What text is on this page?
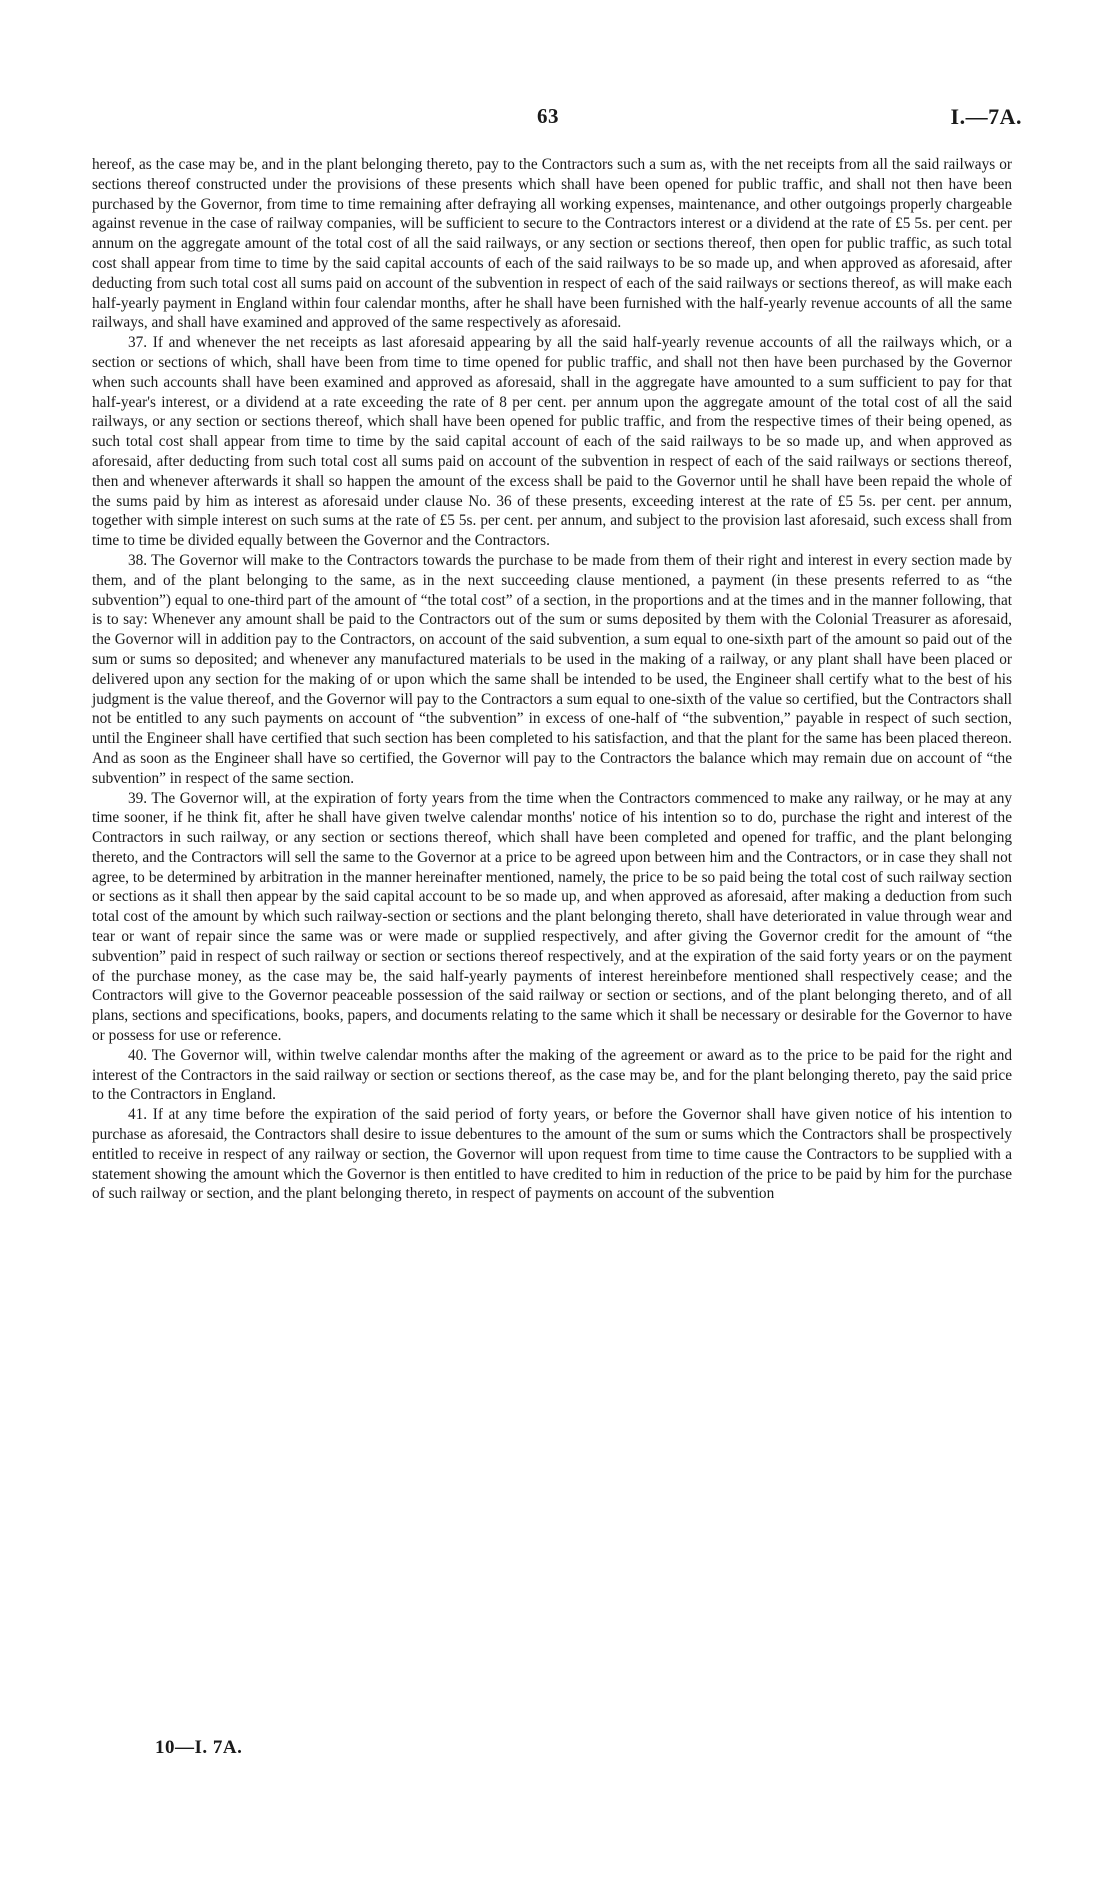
63	I.—7A.

hereof, as the case may be, and in the plant belonging thereto, pay to the Contractors such a sum as, with the net receipts from all the said railways or sections thereof constructed under the provisions of these presents which shall have been opened for public traffic, and shall not then have been purchased by the Governor, from time to time remaining after defraying all working expenses, maintenance, and other outgoings properly chargeable against revenue in the case of railway companies, will be sufficient to secure to the Contractors interest or a dividend at the rate of £5 5s. per cent. per annum on the aggregate amount of the total cost of all the said railways, or any section or sections thereof, then open for public traffic, as such total cost shall appear from time to time by the said capital accounts of each of the said railways to be so made up, and when approved as aforesaid, after deducting from such total cost all sums paid on account of the subvention in respect of each of the said railways or sections thereof, as will make each half-yearly payment in England within four calendar months, after he shall have been furnished with the half-yearly revenue accounts of all the same railways, and shall have examined and approved of the same respectively as aforesaid.

37. If and whenever the net receipts as last aforesaid appearing by all the said half-yearly revenue accounts of all the railways which, or a section or sections of which, shall have been from time to time opened for public traffic, and shall not then have been purchased by the Governor when such accounts shall have been examined and approved as aforesaid, shall in the aggregate have amounted to a sum sufficient to pay for that half-year's interest, or a dividend at a rate exceeding the rate of 8 per cent. per annum upon the aggregate amount of the total cost of all the said railways, or any section or sections thereof, which shall have been opened for public traffic, and from the respective times of their being opened, as such total cost shall appear from time to time by the said capital account of each of the said railways to be so made up, and when approved as aforesaid, after deducting from such total cost all sums paid on account of the subvention in respect of each of the said railways or sections thereof, then and whenever afterwards it shall so happen the amount of the excess shall be paid to the Governor until he shall have been repaid the whole of the sums paid by him as interest as aforesaid under clause No. 36 of these presents, exceeding interest at the rate of £5 5s. per cent. per annum, together with simple interest on such sums at the rate of £5 5s. per cent. per annum, and subject to the provision last aforesaid, such excess shall from time to time be divided equally between the Governor and the Contractors.

38. The Governor will make to the Contractors towards the purchase to be made from them of their right and interest in every section made by them, and of the plant belonging to the same, as in the next succeeding clause mentioned, a payment (in these presents referred to as “the subvention”) equal to one-third part of the amount of “the total cost” of a section, in the proportions and at the times and in the manner following, that is to say: Whenever any amount shall be paid to the Contractors out of the sum or sums deposited by them with the Colonial Treasurer as aforesaid, the Governor will in addition pay to the Contractors, on account of the said subvention, a sum equal to one-sixth part of the amount so paid out of the sum or sums so deposited; and whenever any manufactured materials to be used in the making of a railway, or any plant shall have been placed or delivered upon any section for the making of or upon which the same shall be intended to be used, the Engineer shall certify what to the best of his judgment is the value thereof, and the Governor will pay to the Contractors a sum equal to one-sixth of the value so certified, but the Contractors shall not be entitled to any such payments on account of “the subvention” in excess of one-half of “the subvention,” payable in respect of such section, until the Engineer shall have certified that such section has been completed to his satisfaction, and that the plant for the same has been placed thereon. And as soon as the Engineer shall have so certified, the Governor will pay to the Contractors the balance which may remain due on account of “the subvention” in respect of the same section.

39. The Governor will, at the expiration of forty years from the time when the Contractors commenced to make any railway, or he may at any time sooner, if he think fit, after he shall have given twelve calendar months' notice of his intention so to do, purchase the right and interest of the Contractors in such railway, or any section or sections thereof, which shall have been completed and opened for traffic, and the plant belonging thereto, and the Contractors will sell the same to the Governor at a price to be agreed upon between him and the Contractors, or in case they shall not agree, to be determined by arbitration in the manner hereinafter mentioned, namely, the price to be so paid being the total cost of such railway section or sections as it shall then appear by the said capital account to be so made up, and when approved as aforesaid, after making a deduction from such total cost of the amount by which such railway-section or sections and the plant belonging thereto, shall have deteriorated in value through wear and tear or want of repair since the same was or were made or supplied respectively, and after giving the Governor credit for the amount of “the subvention” paid in respect of such railway or section or sections thereof respectively, and at the expiration of the said forty years or on the payment of the purchase money, as the case may be, the said half-yearly payments of interest hereinbefore mentioned shall respectively cease; and the Contractors will give to the Governor peaceable possession of the said railway or section or sections, and of the plant belonging thereto, and of all plans, sections and specifications, books, papers, and documents relating to the same which it shall be necessary or desirable for the Governor to have or possess for use or reference.

40. The Governor will, within twelve calendar months after the making of the agreement or award as to the price to be paid for the right and interest of the Contractors in the said railway or section or sections thereof, as the case may be, and for the plant belonging thereto, pay the said price to the Contractors in England.

41. If at any time before the expiration of the said period of forty years, or before the Governor shall have given notice of his intention to purchase as aforesaid, the Contractors shall desire to issue debentures to the amount of the sum or sums which the Contractors shall be prospectively entitled to receive in respect of any railway or section, the Governor will upon request from time to time cause the Contractors to be supplied with a statement showing the amount which the Governor is then entitled to have credited to him in reduction of the price to be paid by him for the purchase of such railway or section, and the plant belonging thereto, in respect of payments on account of the subvention

10—I. 7A.
